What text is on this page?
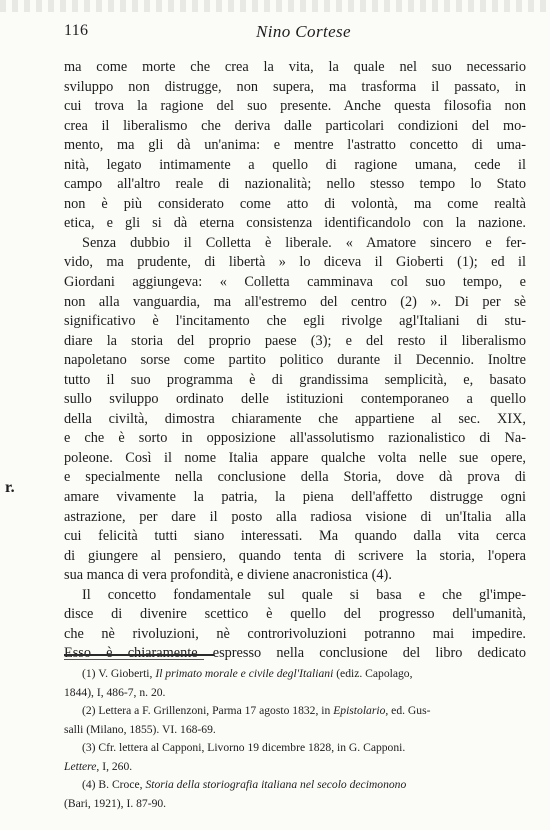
116	Nino Cortese
r.
ma come morte che crea la vita, la quale nel suo necessario
sviluppo non distrugge, non supera, ma trasforma il passato, in
cui trova la ragione del suo presente. Anche questa filosofia non
crea il liberalismo che deriva dalle particolari condizioni del mo-
mento, ma gli dà un'anima: e mentre l'astratto concetto di uma-
nità, legato intimamente a quello di ragione umana, cede il
campo all'altro reale di nazionalità; nello stesso tempo lo Stato
non è più considerato come atto di volontà, ma come realtà
etica, e gli si dà eterna consistenza identificandolo con la nazione.
Senza dubbio il Colletta è liberale. « Amatore sincero e fer-
vido, ma prudente, di libertà » lo diceva il Gioberti (1); ed il
Giordani aggiungeva: « Colletta camminava col suo tempo, e
non alla vanguardia, ma all'estremo del centro (2) ». Di per sè
significativo è l'incitamento che egli rivolge agl'Italiani di stu-
diare la storia del proprio paese (3); e del resto il liberalismo
napoletano sorse come partito politico durante il Decennio. Inoltre
tutto il suo programma è di grandissima semplicità, e, basato
sullo sviluppo ordinato delle istituzioni contemporaneo a quello
della civiltà, dimostra chiaramente che appartiene al sec. XIX,
e che è sorto in opposizione all'assolutismo razionalistico di Na-
poleone. Così il nome Italia appare qualche volta nelle sue opere,
e specialmente nella conclusione della Storia, dove dà prova di
amare vivamente la patria, la piena dell'affetto distrugge ogni
astrazione, per dare il posto alla radiosa visione di un'Italia alla
cui felicità tutti siano interessati. Ma quando dalla vita cerca
di giungere al pensiero, quando tenta di scrivere la storia, l'opera
sua manca di vera profondità, e diviene anacronistica (4).
Il concetto fondamentale sul quale si basa e che gl'impe-
disce di divenire scettico è quello del progresso dell'umanità,
che nè rivoluzioni, nè controrivoluzioni potranno mai impedire.
Esso è chiaramente espresso nella conclusione del libro dedicato
(1) V. Gioberti, Il primato morale e civile degl'Italiani (ediz. Capolago,
1844), I, 486-7, n. 20.
(2) Lettera a F. Grillenzoni, Parma 17 agosto 1832, in Epistolario, ed. Gus-
salli (Milano, 1855). VI. 168-69.
(3) Cfr. lettera al Capponi, Livorno 19 dicembre 1828, in G. Capponi.
Lettere, I, 260.
(4) B. Croce, Storia della storiografia italiana nel secolo decimonono
(Bari, 1921), I. 87-90.
